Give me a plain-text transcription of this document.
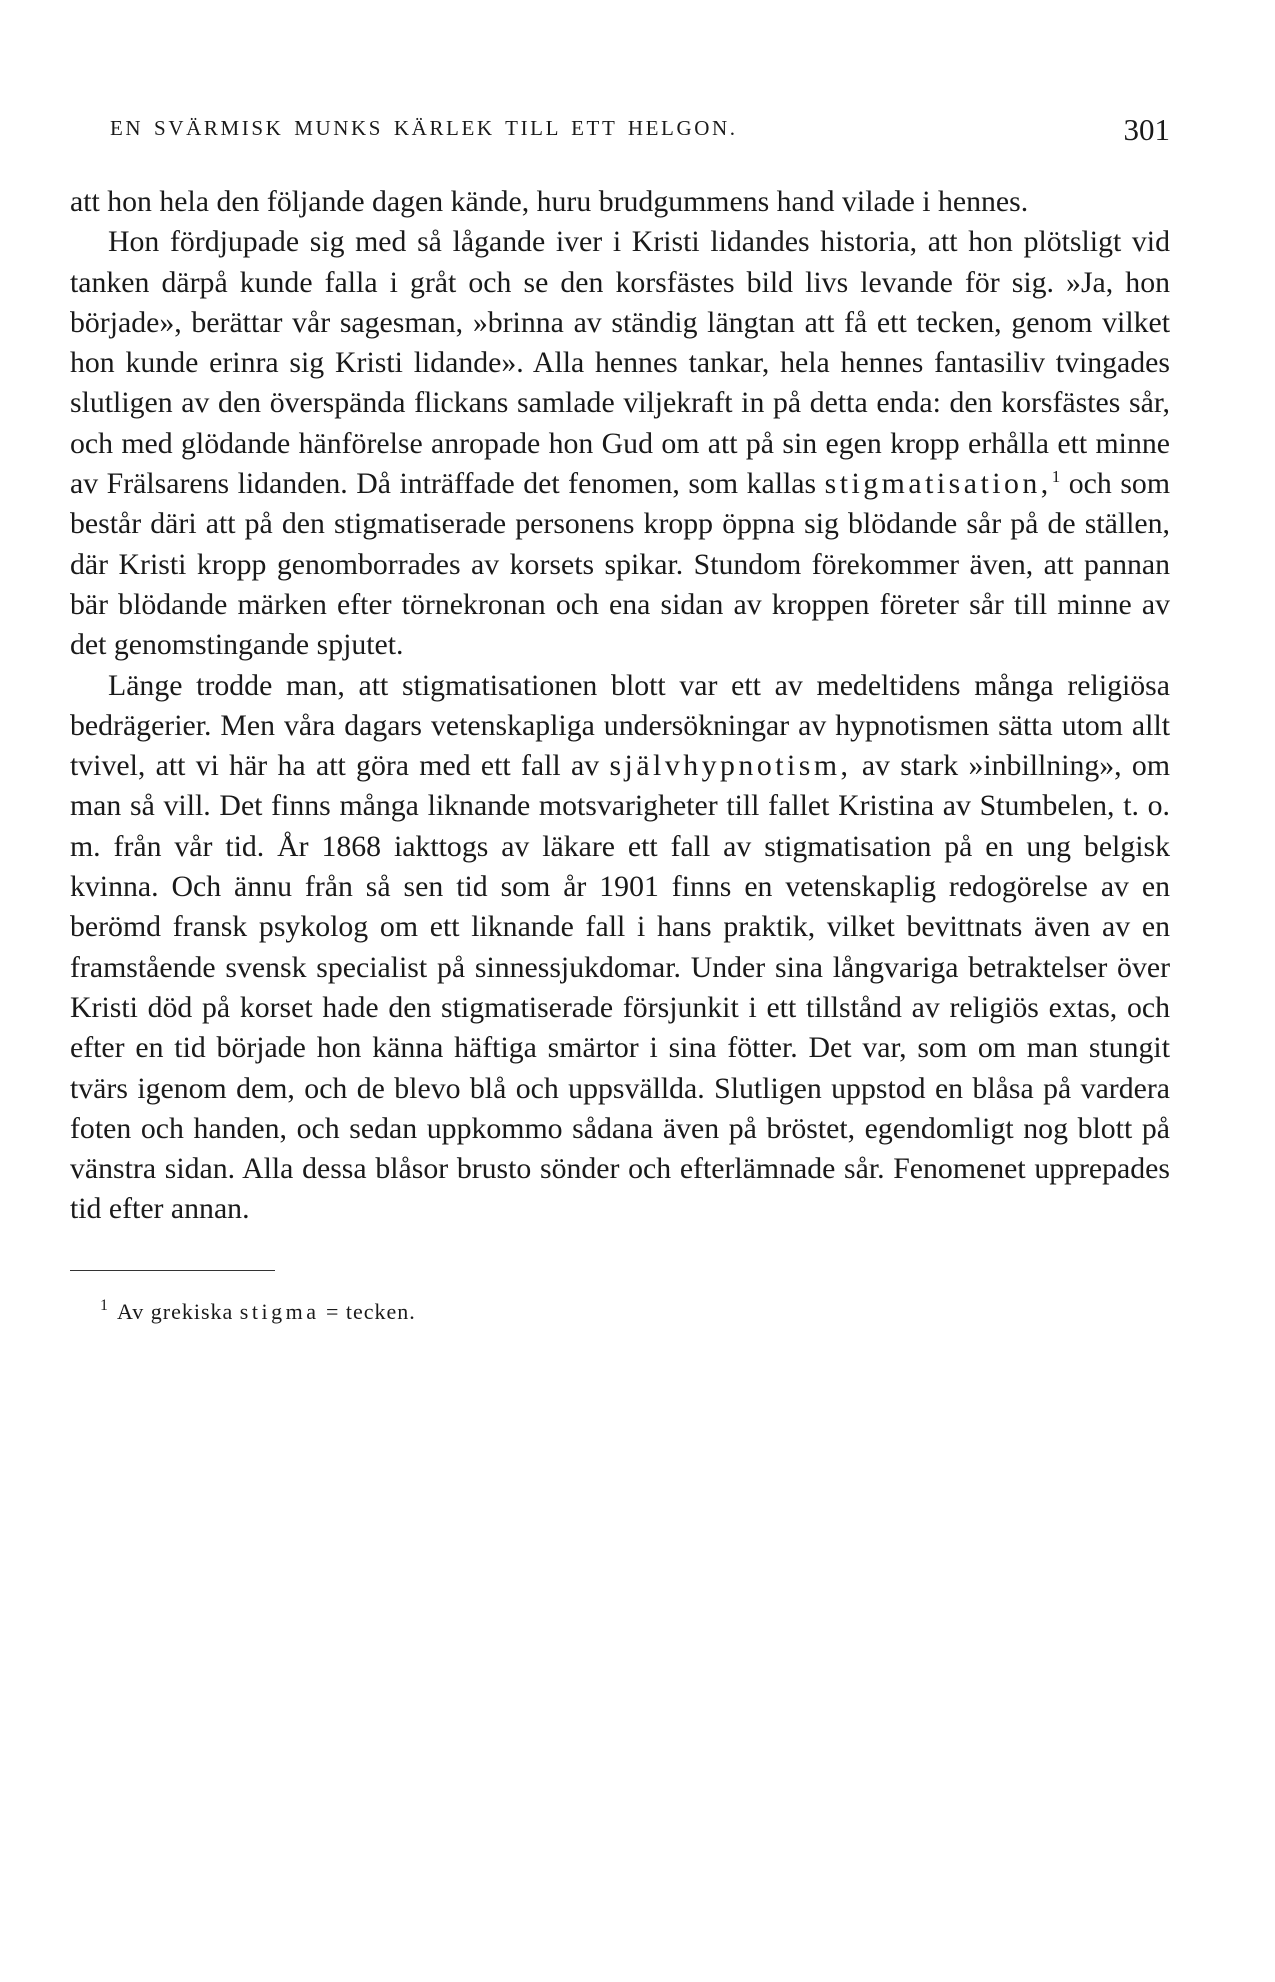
EN SVÄRMISK MUNKS KÄRLEK TILL ETT HELGON.	301

att hon hela den följande dagen kände, huru brudgummens hand vilade i hennes.

Hon fördjupade sig med så lågande iver i Kristi lidandes historia, att hon plötsligt vid tanken därpå kunde falla i gråt och se den korsfästes bild livs levande för sig. »Ja, hon började», berättar vår sagesman, »brinna av ständig längtan att få ett tecken, genom vilket hon kunde erinra sig Kristi lidande». Alla hennes tankar, hela hennes fantasiliv tvingades slutligen av den överspända flickans samlade viljekraft in på detta enda: den korsfästes sår, och med glödande hänförelse anropade hon Gud om att på sin egen kropp erhålla ett minne av Frälsarens lidanden. Då inträffade det fenomen, som kallas stigmatisation,$^1$ och som består däri att på den stigmatiserade personens kropp öppna sig blödande sår på de ställen, där Kristi kropp genomborrades av korsets spikar. Stundom förekommer även, att pannan bär blödande märken efter törnekronan och ena sidan av kroppen företer sår till minne av det genomstingande spjutet.

Länge trodde man, att stigmatisationen blott var ett av medeltidens många religiösa bedrägerier. Men våra dagars vetenskapliga undersökningar av hypnotismen sätta utom allt tvivel, att vi här ha att göra med ett fall av självhypnotism, av stark »inbillning», om man så vill. Det finns många liknande motsvarigheter till fallet Kristina av Stumbelen, t. o. m. från vår tid. År 1868 iakttogs av läkare ett fall av stigmatisation på en ung belgisk kvinna. Och ännu från så sen tid som år 1901 finns en vetenskaplig redogörelse av en berömd fransk psykolog om ett liknande fall i hans praktik, vilket bevittnats även av en framstående svensk specialist på sinnessjukdomar. Under sina långvariga betraktelser över Kristi död på korset hade den stigmatiserade försjunkit i ett tillstånd av religiös extas, och efter en tid började hon känna häftiga smärtor i sina fötter. Det var, som om man stungit tvärs igenom dem, och de blevo blå och uppsvällda. Slutligen uppstod en blåsa på vardera foten och handen, och sedan uppkommo sådana även på bröstet, egendomligt nog blott på vänstra sidan. Alla dessa blåsor brusto sönder och efterlämnade sår. Fenomenet upprepades tid efter annan.

$^1$ Av grekiska stigma = tecken.
